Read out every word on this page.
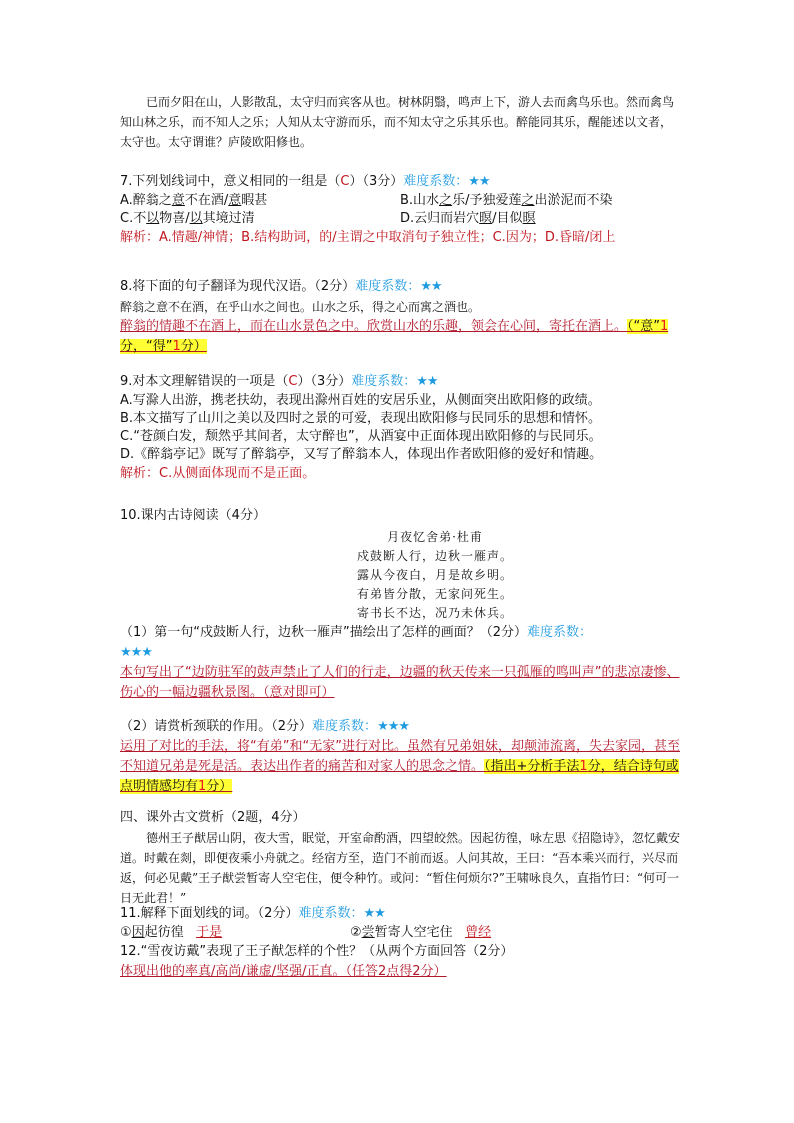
已而夕阳在山，人影散乱，太守归而宾客从也。树林阴翳，鸣声上下，游人去而禽鸟乐也。然而禽鸟知山林之乐，而不知人之乐；人知从太守游而乐，而不知太守之乐其乐也。醉能同其乐，醒能述以文者，太守也。太守谓谁？庐陵欧阳修也。

7.下列划线词中，意义相同的一组是（C）（3分）难度系数：★★

A.醉翁之意不在酒/意暇甚	B.山水之乐/予独爱莲之出淤泥而不染
C.不以物喜/以其境过清	D.云归而岩穴暝/目似暝

解析：A.情趣/神情；B.结构助词，的/主谓之中取消句子独立性；C.因为；D.昏暗/闭上

8.将下面的句子翻译为现代汉语。（2分）难度系数：★★

醉翁之意不在酒，在乎山水之间也。山水之乐，得之心而寓之酒也。

醉翁的情趣不在酒上，而在山水景色之中。欣赏山水的乐趣，领会在心间，寄托在酒上。（“意”1分，“得”1分）

9.对本文理解错误的一项是（C）（3分）难度系数：★★

A.写滁人出游，携老扶幼，表现出滁州百姓的安居乐业，从侧面突出欧阳修的政绩。

B.本文描写了山川之美以及四时之景的可爱，表现出欧阳修与民同乐的思想和情怀。

C.“苍颜白发，颓然乎其间者，太守醉也”，从酒宴中正面体现出欧阳修的与民同乐。

D.《醉翁亭记》既写了醉翁亭，又写了醉翁本人，体现出作者欧阳修的爱好和情趣。

解析：C.从侧面体现而不是正面。

10.课内古诗阅读（4分）

月夜忆舍弟·杜甫

戍鼓断人行，边秋一雁声。

露从今夜白，月是故乡明。

有弟皆分散，无家问死生。

寄书长不达，况乃未休兵。

（1）第一句“戍鼓断人行，边秋一雁声”描绘出了怎样的画面？（2分）难度系数：
★★★

本句写出了“边防驻军的鼓声禁止了人们的行走，边疆的秋天传来一只孤雁的鸣叫声”的悲凉凄惨、伤心的一幅边疆秋景图。（意对即可）

（2）请赏析颈联的作用。（2分）难度系数：★★★

运用了对比的手法，将“有弟”和“无家”进行对比。虽然有兄弟姐妹，却颠沛流离，失去家园，甚至不知道兄弟是死是活。表达出作者的痛苦和对家人的思念之情。（指出+分析手法1分，结合诗句或点明情感均有1分）

四、课外古文赏析（2题，4分）

德州王子猷居山阴，夜大雪，眠觉，开室命酌酒，四望皎然。因起彷徨，咏左思《招隐诗》，忽忆戴安道。时戴在剡，即便夜乘小舟就之。经宿方至，造门不前而返。人问其故，王曰：“吾本乘兴而行，兴尽而返，何必见戴”王子猷尝暂寄人空宅住，便令种竹。或问：“暂住何烦尔?”王啸咏良久，直指竹曰：“何可一日无此君！”

11.解释下面划线的词。（2分）难度系数：★★

①因起彷徨 于是	②尝暂寄人空宅住 曾经

12.“雪夜访戴”表现了王子猷怎样的个性？（从两个方面回答（2分）

体现出他的率真/高尚/谦虚/坚强/正直。（任答2点得2分）
